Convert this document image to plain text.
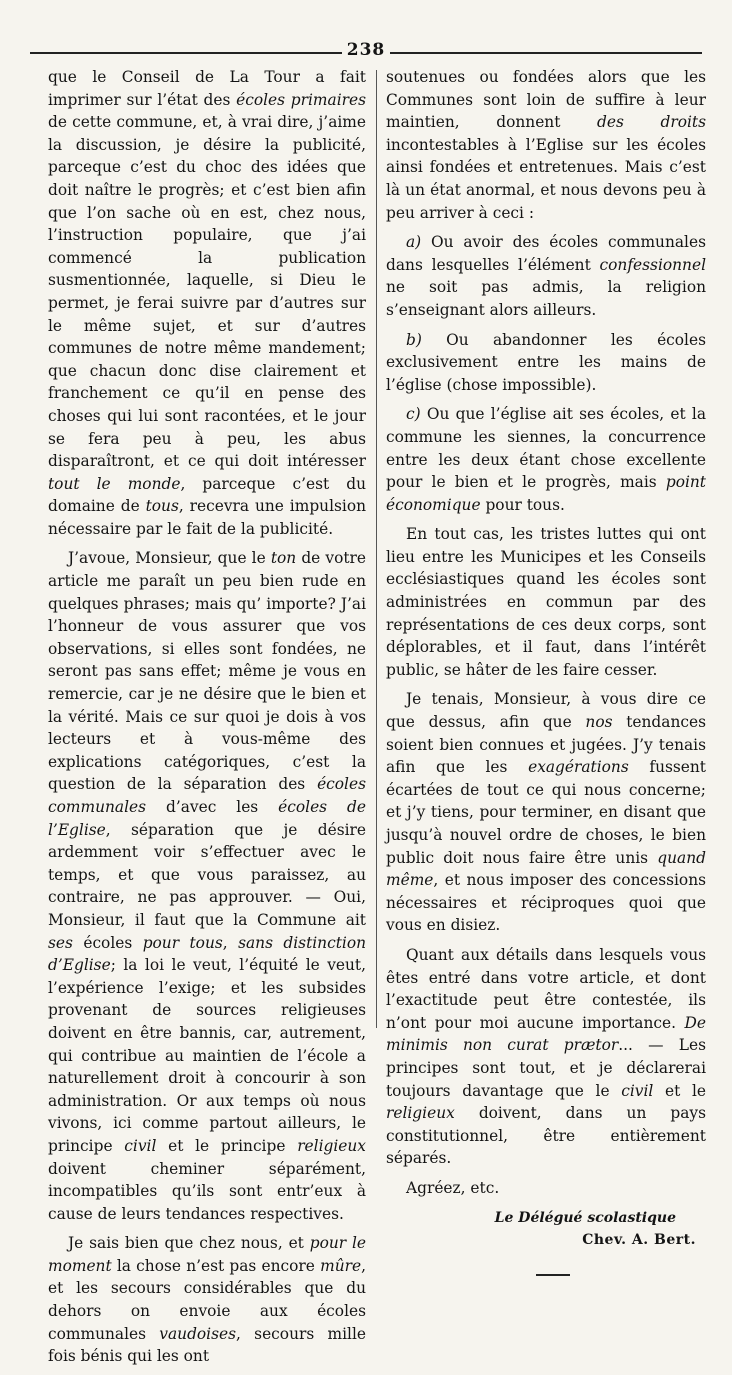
238

que le Conseil de La Tour a fait imprimer sur l’état des écoles primaires de cette commune, et, à vrai dire, j’aime la discussion, je désire la publicité, parceque c’est du choc des idées que doit naître le progrès; et c’est bien afin que l’on sache où en est, chez nous, l’instruction populaire, que j’ai commencé la publication susmentionnée, laquelle, si Dieu le permet, je ferai suivre par d’autres sur le même sujet, et sur d’autres communes de notre même mandement; que chacun donc dise clairement et franchement ce qu’il en pense des choses qui lui sont racontées, et le jour se fera peu à peu, les abus disparaîtront, et ce qui doit intéresser tout le monde, parceque c’est du domaine de tous, recevra une impulsion nécessaire par le fait de la publicité.

J’avoue, Monsieur, que le ton de votre article me paraît un peu bien rude en quelques phrases; mais qu’ importe? J’ai l’honneur de vous assurer que vos observations, si elles sont fondées, ne seront pas sans effet; même je vous en remercie, car je ne désire que le bien et la vérité. Mais ce sur quoi je dois à vos lecteurs et à vous-même des explications catégoriques, c’est la question de la séparation des écoles communales d’avec les écoles de l’Eglise, séparation que je désire ardemment voir s’effectuer avec le temps, et que vous paraissez, au contraire, ne pas approuver. — Oui, Monsieur, il faut que la Commune ait ses écoles pour tous, sans distinction d’Eglise; la loi le veut, l’équité le veut, l’expérience l’exige; et les subsides provenant de sources religieuses doivent en être bannis, car, autrement, qui contribue au maintien de l’école a naturellement droit à concourir à son administration. Or aux temps où nous vivons, ici comme partout ailleurs, le principe civil et le principe religieux doivent cheminer séparément, incompatibles qu’ils sont entr’eux à cause de leurs tendances respectives.

Je sais bien que chez nous, et pour le moment la chose n’est pas encore mûre, et les secours considérables que du dehors on envoie aux écoles communales vaudoises, secours mille fois bénis qui les ont

soutenues ou fondées alors que les Communes sont loin de suffire à leur maintien, donnent des droits incontestables à l’Eglise sur les écoles ainsi fondées et entretenues. Mais c’est là un état anormal, et nous devons peu à peu arriver à ceci :

a) Ou avoir des écoles communales dans lesquelles l’élément confessionnel ne soit pas admis, la religion s’enseignant alors ailleurs.

b) Ou abandonner les écoles exclusivement entre les mains de l’église (chose impossible).

c) Ou que l’église ait ses écoles, et la commune les siennes, la concurrence entre les deux étant chose excellente pour le bien et le progrès, mais point économique pour tous.

En tout cas, les tristes luttes qui ont lieu entre les Municipes et les Conseils ecclésiastiques quand les écoles sont administrées en commun par des représentations de ces deux corps, sont déplorables, et il faut, dans l’intérêt public, se hâter de les faire cesser.

Je tenais, Monsieur, à vous dire ce que dessus, afin que nos tendances soient bien connues et jugées. J’y tenais afin que les exagérations fussent écartées de tout ce qui nous concerne; et j’y tiens, pour terminer, en disant que jusqu’à nouvel ordre de choses, le bien public doit nous faire être unis quand même, et nous imposer des concessions nécessaires et réciproques quoi que vous en disiez.

Quant aux détails dans lesquels vous êtes entré dans votre article, et dont l’exactitude peut être contestée, ils n’ont pour moi aucune importance. De minimis non curat prætor... — Les principes sont tout, et je déclarerai toujours davantage que le civil et le religieux doivent, dans un pays constitutionnel, être entièrement séparés.

Agréez, etc.

Le Délégué scolastique
Chev. A. Bert.
